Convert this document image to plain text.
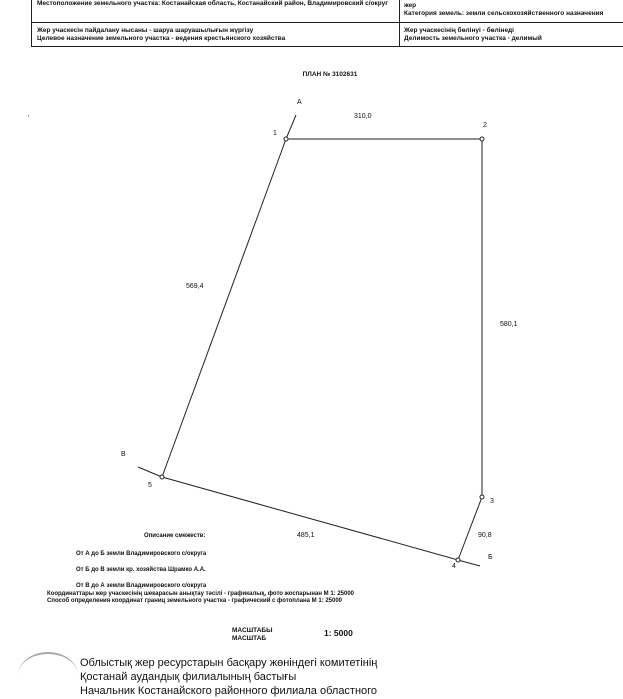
Местоположение земельного участка: Костанайская область, Костанайский район, Владимировский с/округ	жер
Категория земель: земли сельскохозяйственного назначения
Жер учаскесін пайдалану нысаны - шаруа шаруашылығын жүргізу
Целевое назначение земельного участка - ведения крестьянского хозяйства
Жер учаскесінің бөлінуі - бөлінеді
Делимость земельного участка - делимый
ПЛАН № 3102631
1
2
3
4
5
А
Б
В
310,0
580,1
90,8
485,1
569,4
'
Описание смежеств:
От А до Б земли Владимировского с/округа
От Б до В земли кр. хозяйства Шрамко А.А.
От В до А земли Владимировского с/округа
Координаттары жер учаскесінің шекарасын анықтау тәсілі - графикалық, фото жоспарынан М 1: 25000
Способ определения координат границ земельного участка - графический с фотоплана М 1: 25000
МАСШТАБЫ
МАСШТАБ
1: 5000
Облыстық жер ресурстарын басқару жөніндегі комитетінің
Қостанай аудандық филиалының бастығы
Начальник Костанайского районного филиала областного
